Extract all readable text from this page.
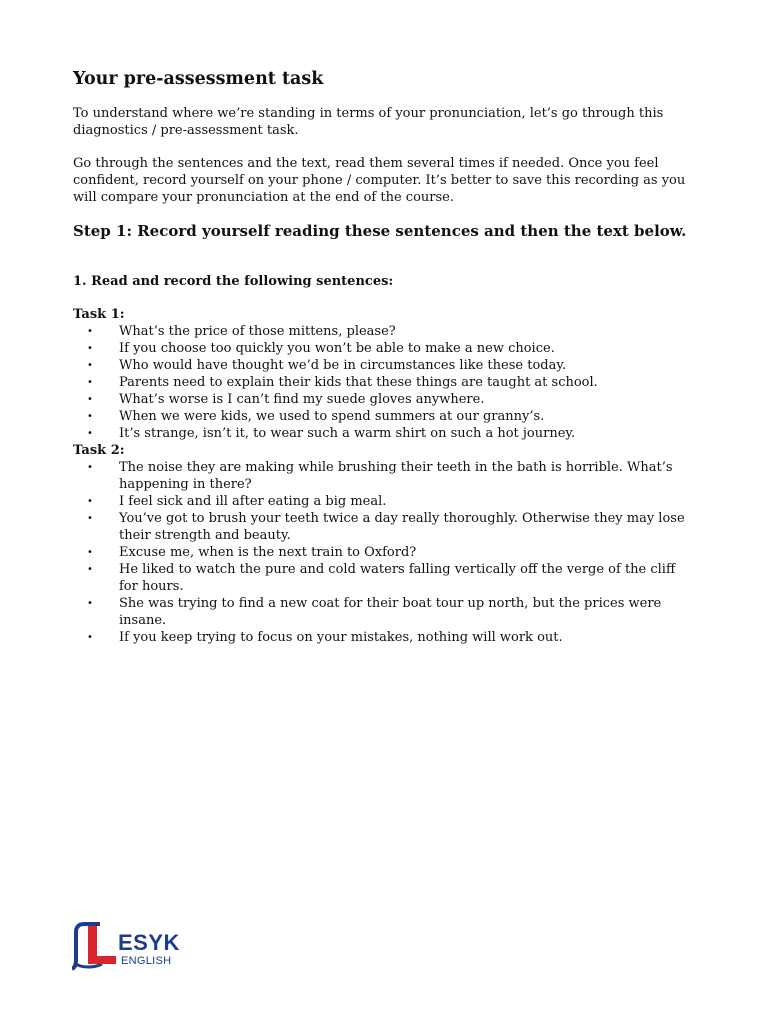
Your pre-assessment task

To understand where we’re standing in terms of your pronunciation, let’s go through this diagnostics / pre-assessment task.

Go through the sentences and the text, read them several times if needed. Once you feel confident, record yourself on your phone / computer. It’s better to save this recording as you will compare your pronunciation at the end of the course.

Step 1: Record yourself reading these sentences and then the text below.
1. Read and record the following sentences:
Task 1:
• What’s the price of those mittens, please?
• If you choose too quickly you won’t be able to make a new choice.
• Who would have thought we’d be in circumstances like these today.
• Parents need to explain their kids that these things are taught at school.
• What’s worse is I can’t find my suede gloves anywhere.
• When we were kids, we used to spend summers at our granny’s.
• It’s strange, isn’t it, to wear such a warm shirt on such a hot journey.
Task 2:
• The noise they are making while brushing their teeth in the bath is horrible. What’s happening in there?
• I feel sick and ill after eating a big meal.
• You’ve got to brush your teeth twice a day really thoroughly. Otherwise they may lose their strength and beauty.
• Excuse me, when is the next train to Oxford?
• He liked to watch the pure and cold waters falling vertically off the verge of the cliff for hours.
• She was trying to find a new coat for their boat tour up north, but the prices were insane.
• If you keep trying to focus on your mistakes, nothing will work out.
ESYK
ENGLISH
